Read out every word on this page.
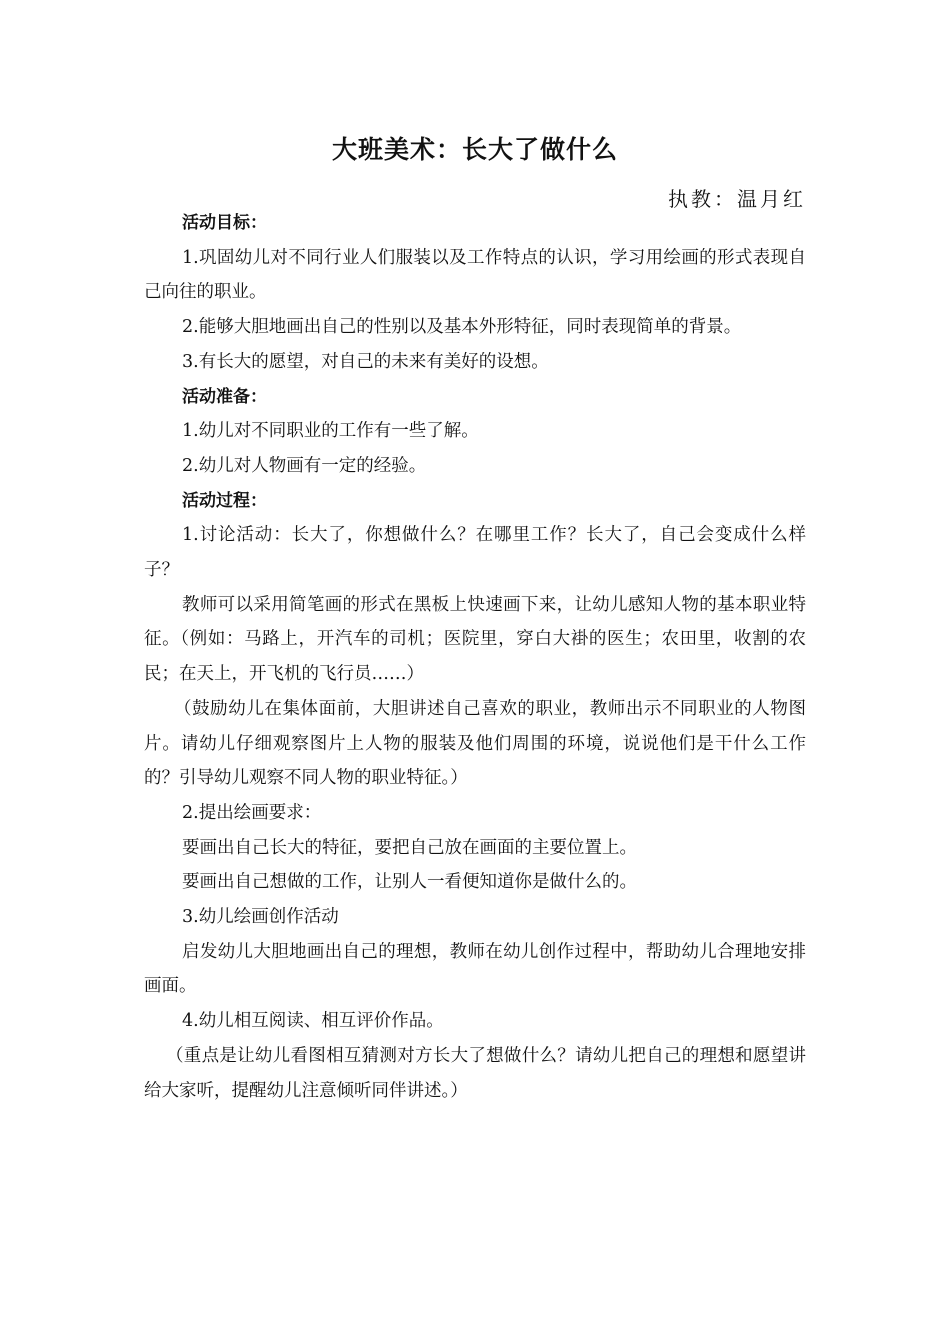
大班美术：长大了做什么
执教：温月红

活动目标：

1.巩固幼儿对不同行业人们服装以及工作特点的认识，学习用绘画的形式表现自己向往的职业。

2.能够大胆地画出自己的性别以及基本外形特征，同时表现简单的背景。

3.有长大的愿望，对自己的未来有美好的设想。

活动准备：

1.幼儿对不同职业的工作有一些了解。

2.幼儿对人物画有一定的经验。

活动过程：

1.讨论活动：长大了，你想做什么？在哪里工作？长大了，自己会变成什么样子？

教师可以采用简笔画的形式在黑板上快速画下来，让幼儿感知人物的基本职业特征。（例如：马路上，开汽车的司机；医院里，穿白大褂的医生；农田里，收割的农民；在天上，开飞机的飞行员……）

（鼓励幼儿在集体面前，大胆讲述自己喜欢的职业，教师出示不同职业的人物图片。请幼儿仔细观察图片上人物的服装及他们周围的环境，说说他们是干什么工作的？引导幼儿观察不同人物的职业特征。）

2.提出绘画要求：

要画出自己长大的特征，要把自己放在画面的主要位置上。

要画出自己想做的工作，让别人一看便知道你是做什么的。

3.幼儿绘画创作活动

启发幼儿大胆地画出自己的理想，教师在幼儿创作过程中，帮助幼儿合理地安排画面。

4.幼儿相互阅读、相互评价作品。

（重点是让幼儿看图相互猜测对方长大了想做什么？请幼儿把自己的理想和愿望讲给大家听，提醒幼儿注意倾听同伴讲述。）
